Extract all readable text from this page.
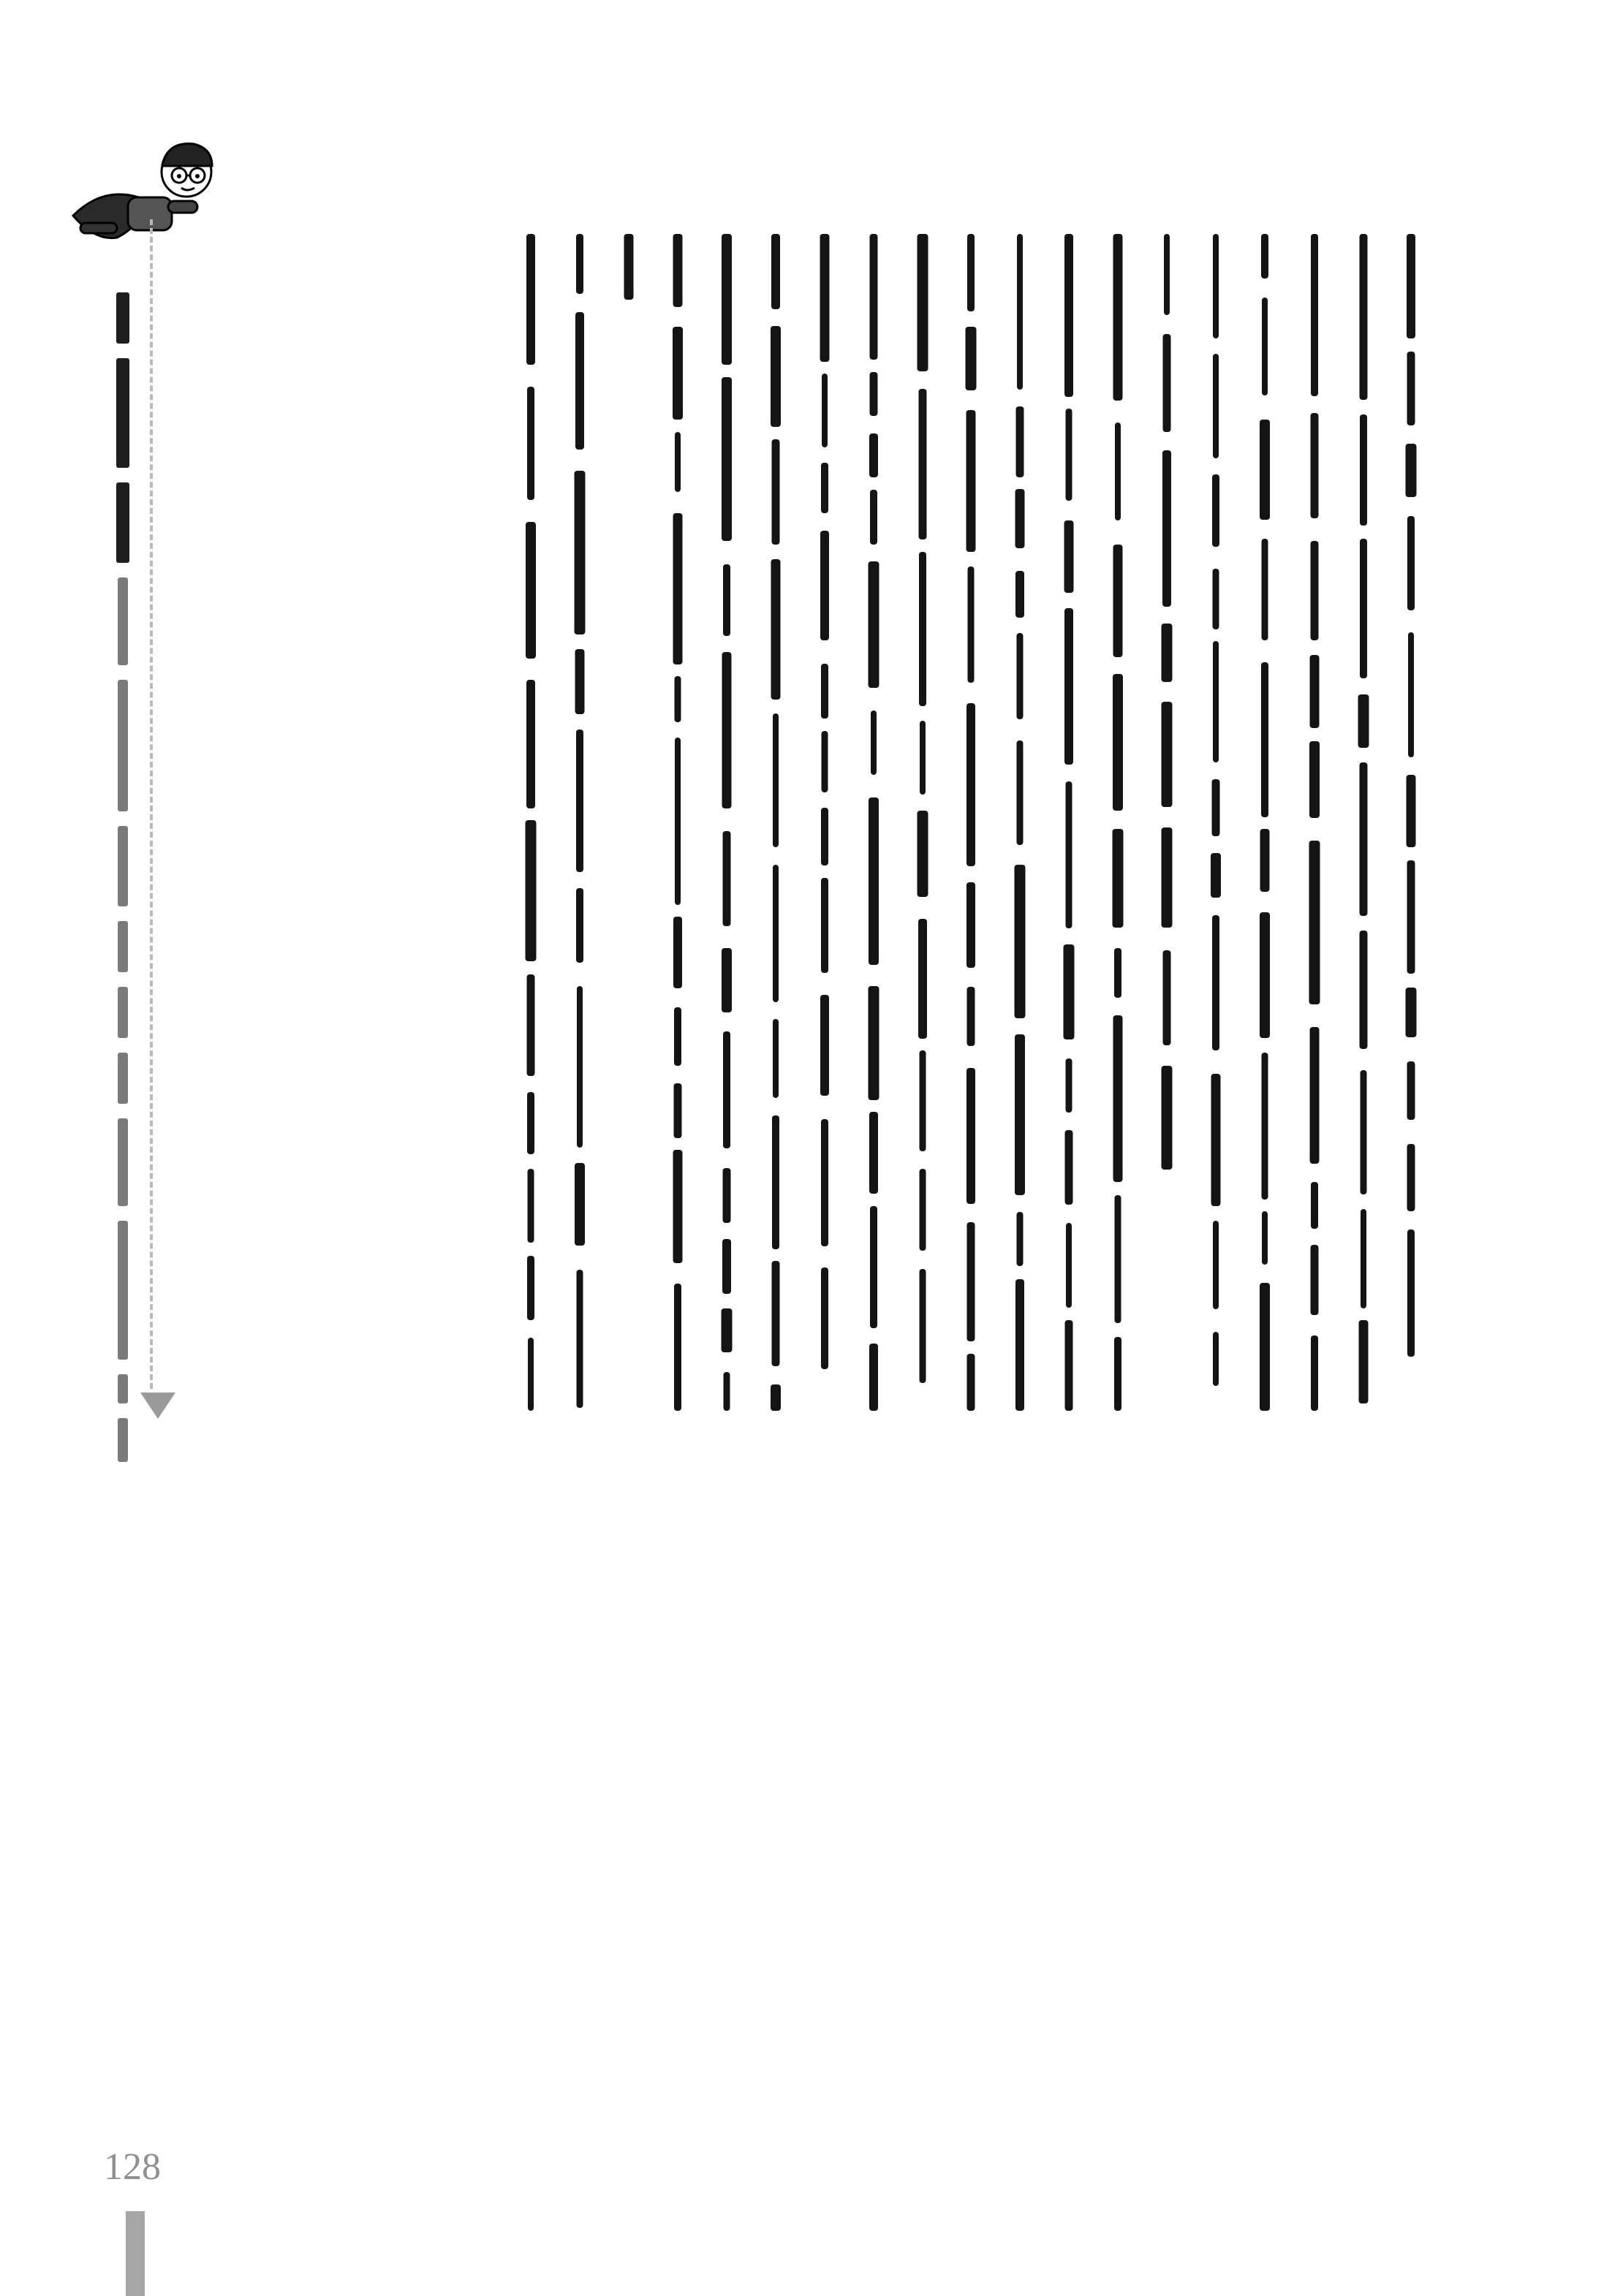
128
